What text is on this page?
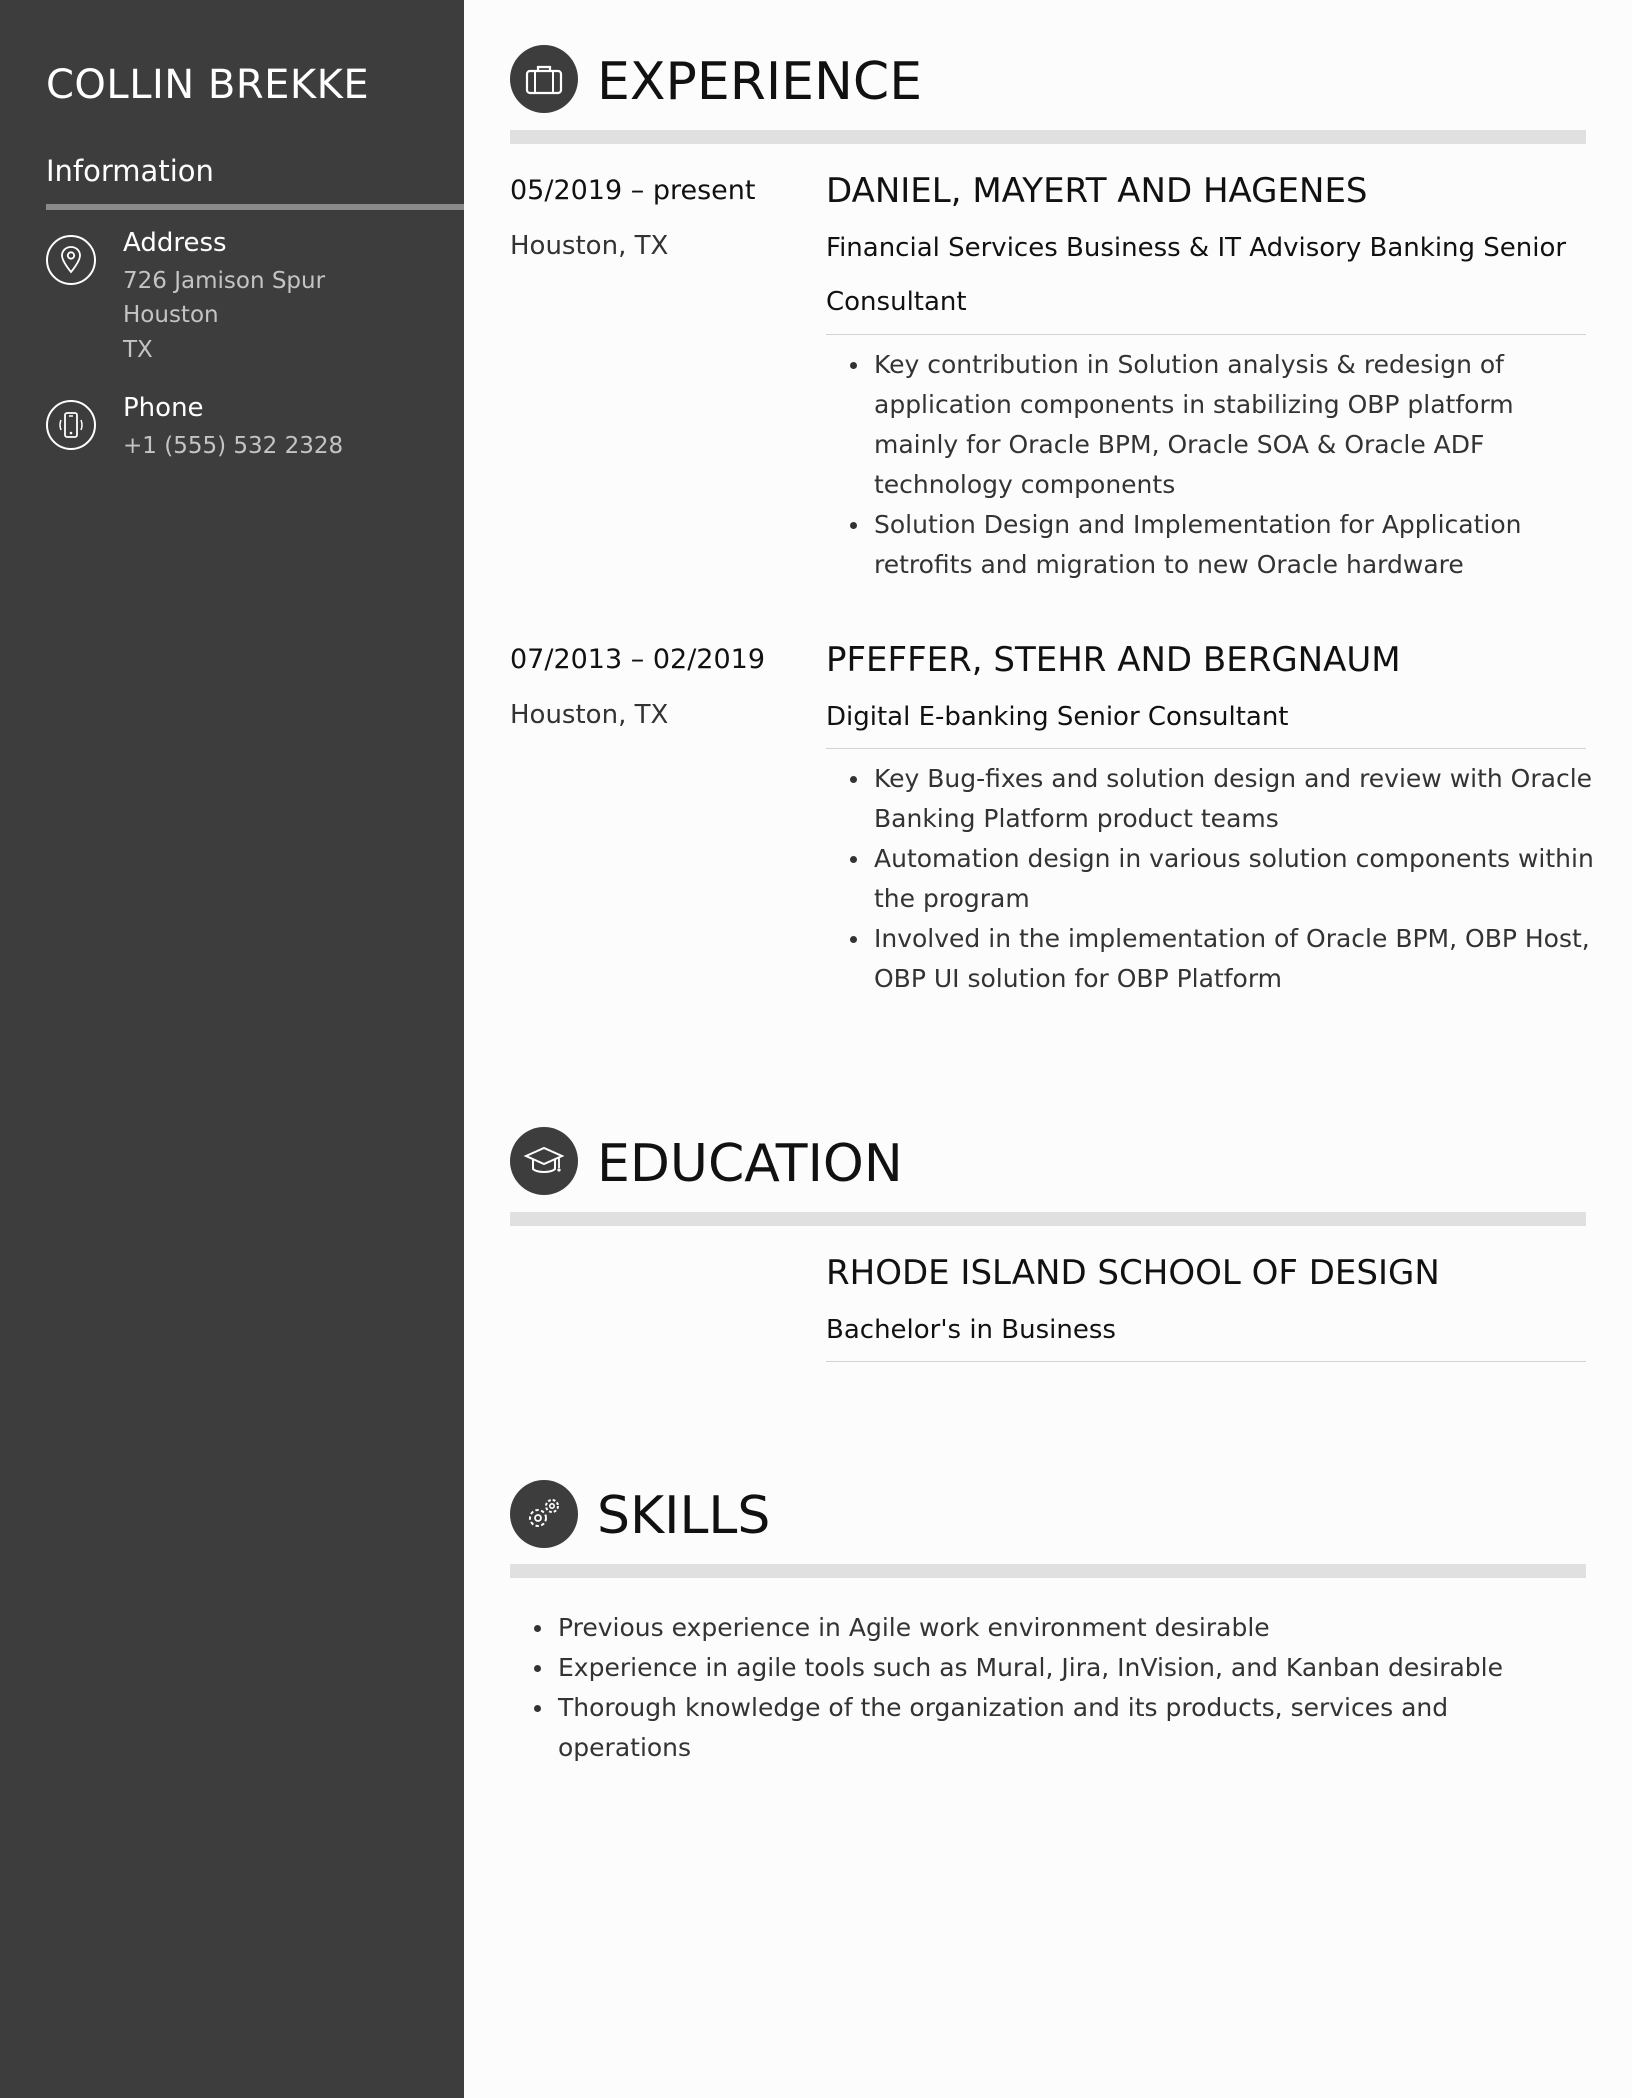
COLLIN BREKKE
Information
Address
726 Jamison Spur
Houston
TX
Phone
+1 (555) 532 2328
EXPERIENCE
05/2019 – present
Houston, TX
DANIEL, MAYERT AND HAGENES
Financial Services Business & IT Advisory Banking Senior Consultant
Key contribution in Solution analysis & redesign of application components in stabilizing OBP platform mainly for Oracle BPM, Oracle SOA & Oracle ADF technology components
Solution Design and Implementation for Application retrofits and migration to new Oracle hardware
07/2013 – 02/2019
Houston, TX
PFEFFER, STEHR AND BERGNAUM
Digital E-banking Senior Consultant
Key Bug-fixes and solution design and review with Oracle Banking Platform product teams
Automation design in various solution components within the program
Involved in the implementation of Oracle BPM, OBP Host, OBP UI solution for OBP Platform
EDUCATION
RHODE ISLAND SCHOOL OF DESIGN
Bachelor's in Business
SKILLS
Previous experience in Agile work environment desirable
Experience in agile tools such as Mural, Jira, InVision, and Kanban desirable
Thorough knowledge of the organization and its products, services and operations
